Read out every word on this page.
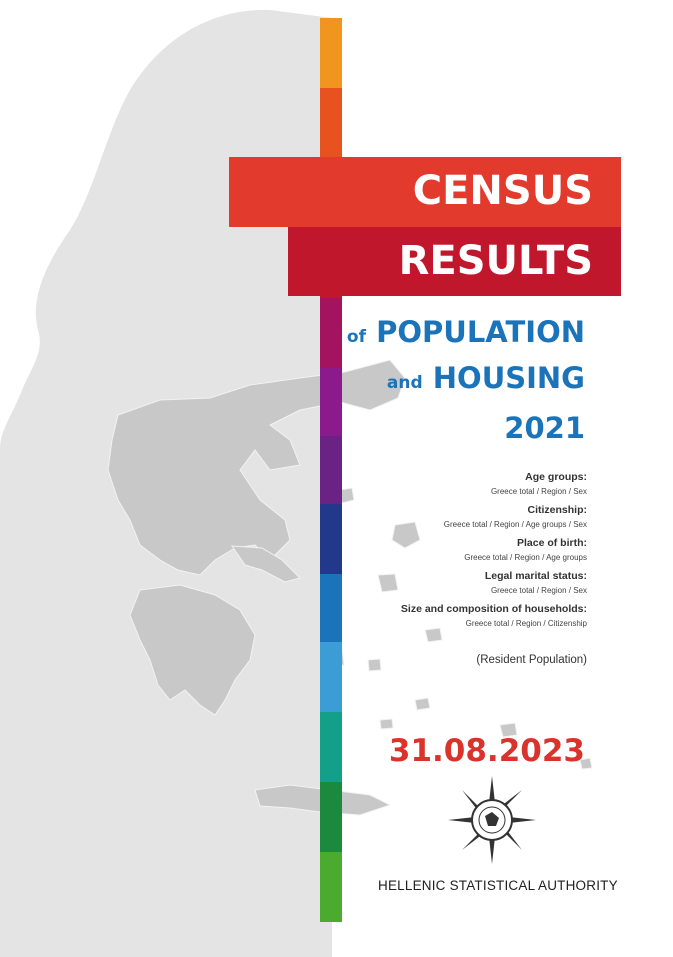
CENSUS
RESULTS
of POPULATION
and HOUSING
2021
Age groups:
Greece total / Region / Sex
Citizenship:
Greece total / Region / Age groups / Sex
Place of birth:
Greece total / Region / Age groups
Legal marital status:
Greece total / Region / Sex
Size and composition of households:
Greece total / Region / Citizenship
(Resident Population)
31.08.2023
HELLENIC STATISTICAL AUTHORITY
